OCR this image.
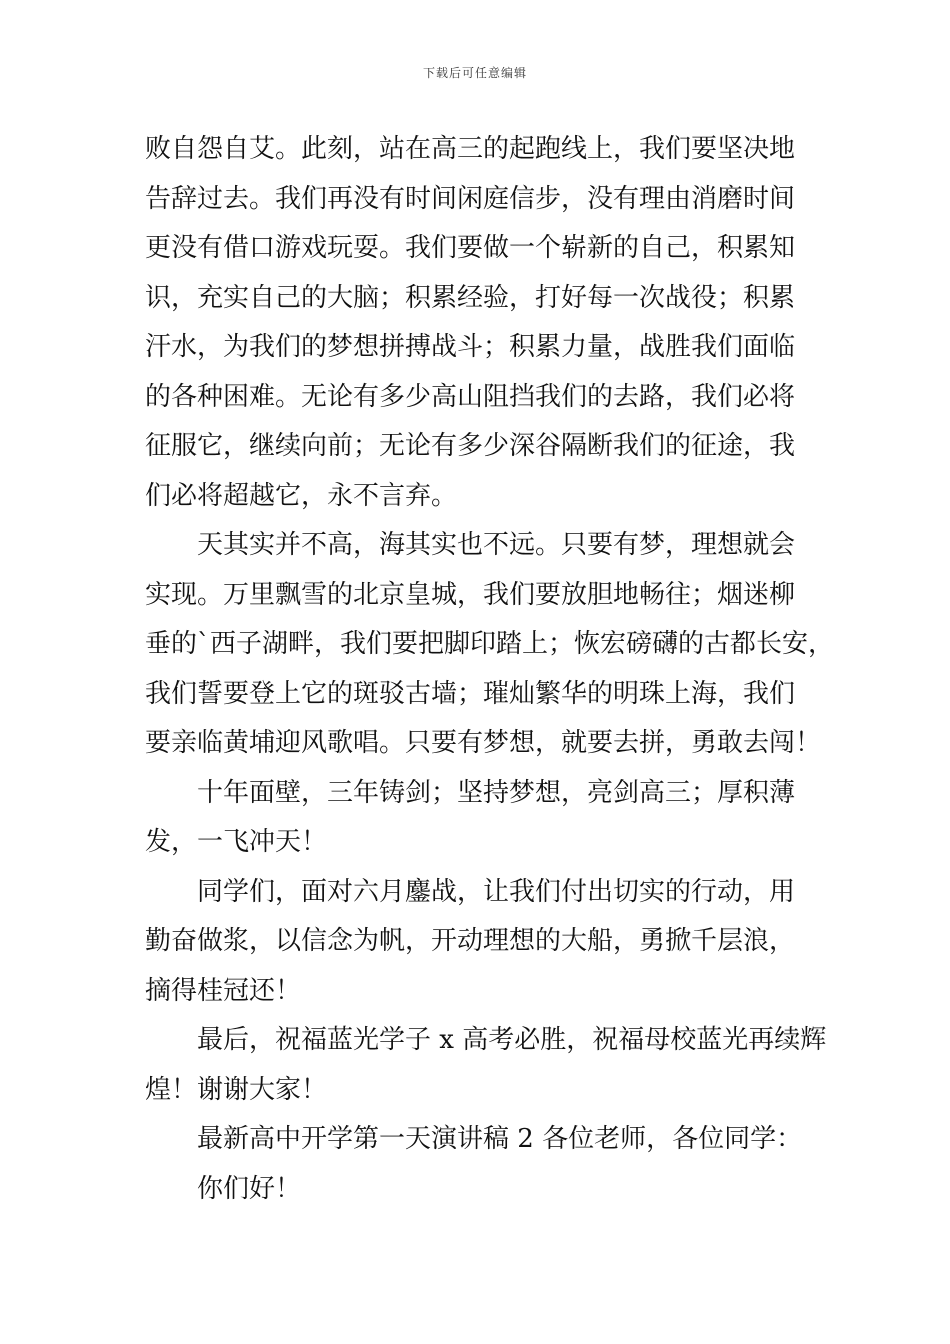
下载后可任意编辑
败自怨自艾。此刻，站在高三的起跑线上，我们要坚决地
告辞过去。我们再没有时间闲庭信步，没有理由消磨时间
更没有借口游戏玩耍。我们要做一个崭新的自己，积累知
识，充实自己的大脑；积累经验，打好每一次战役；积累
汗水，为我们的梦想拼搏战斗；积累力量，战胜我们面临
的各种困难。无论有多少高山阻挡我们的去路，我们必将
征服它，继续向前；无论有多少深谷隔断我们的征途，我
们必将超越它，永不言弃。
天其实并不高，海其实也不远。只要有梦，理想就会
实现。万里飘雪的北京皇城，我们要放胆地畅往；烟迷柳
垂的`西子湖畔，我们要把脚印踏上；恢宏磅礴的古都长安，
我们誓要登上它的斑驳古墙；璀灿繁华的明珠上海，我们
要亲临黄埔迎风歌唱。只要有梦想，就要去拼，勇敢去闯！
十年面壁，三年铸剑；坚持梦想，亮剑高三；厚积薄
发，一飞冲天！
同学们，面对六月鏖战，让我们付出切实的行动，用
勤奋做浆，以信念为帆，开动理想的大船，勇掀千层浪，
摘得桂冠还！
最后，祝福蓝光学子 x 高考必胜，祝福母校蓝光再续辉
煌！谢谢大家！
最新高中开学第一天演讲稿 2 各位老师，各位同学：
你们好！
